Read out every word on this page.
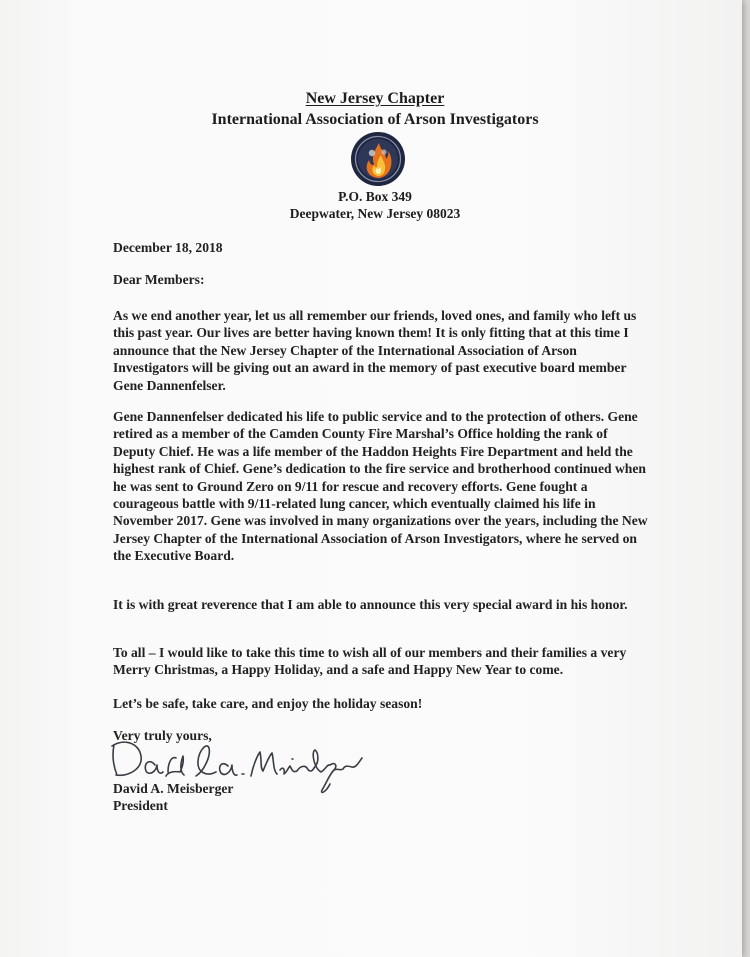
New Jersey Chapter
International Association of Arson Investigators
P.O. Box 349
Deepwater, New Jersey 08023

December 18, 2018

Dear Members:

As we end another year, let us all remember our friends, loved ones, and family who left us this past year. Our lives are better having known them! It is only fitting that at this time I announce that the New Jersey Chapter of the International Association of Arson Investigators will be giving out an award in the memory of past executive board member Gene Dannenfelser.

Gene Dannenfelser dedicated his life to public service and to the protection of others. Gene retired as a member of the Camden County Fire Marshal’s Office holding the rank of Deputy Chief. He was a life member of the Haddon Heights Fire Department and held the highest rank of Chief. Gene’s dedication to the fire service and brotherhood continued when he was sent to Ground Zero on 9/11 for rescue and recovery efforts. Gene fought a courageous battle with 9/11-related lung cancer, which eventually claimed his life in November 2017. Gene was involved in many organizations over the years, including the New Jersey Chapter of the International Association of Arson Investigators, where he served on the Executive Board.

It is with great reverence that I am able to announce this very special award in his honor.

To all – I would like to take this time to wish all of our members and their families a very Merry Christmas, a Happy Holiday, and a safe and Happy New Year to come.

Let’s be safe, take care, and enjoy the holiday season!

Very truly yours,

David A. Meisberger

President
